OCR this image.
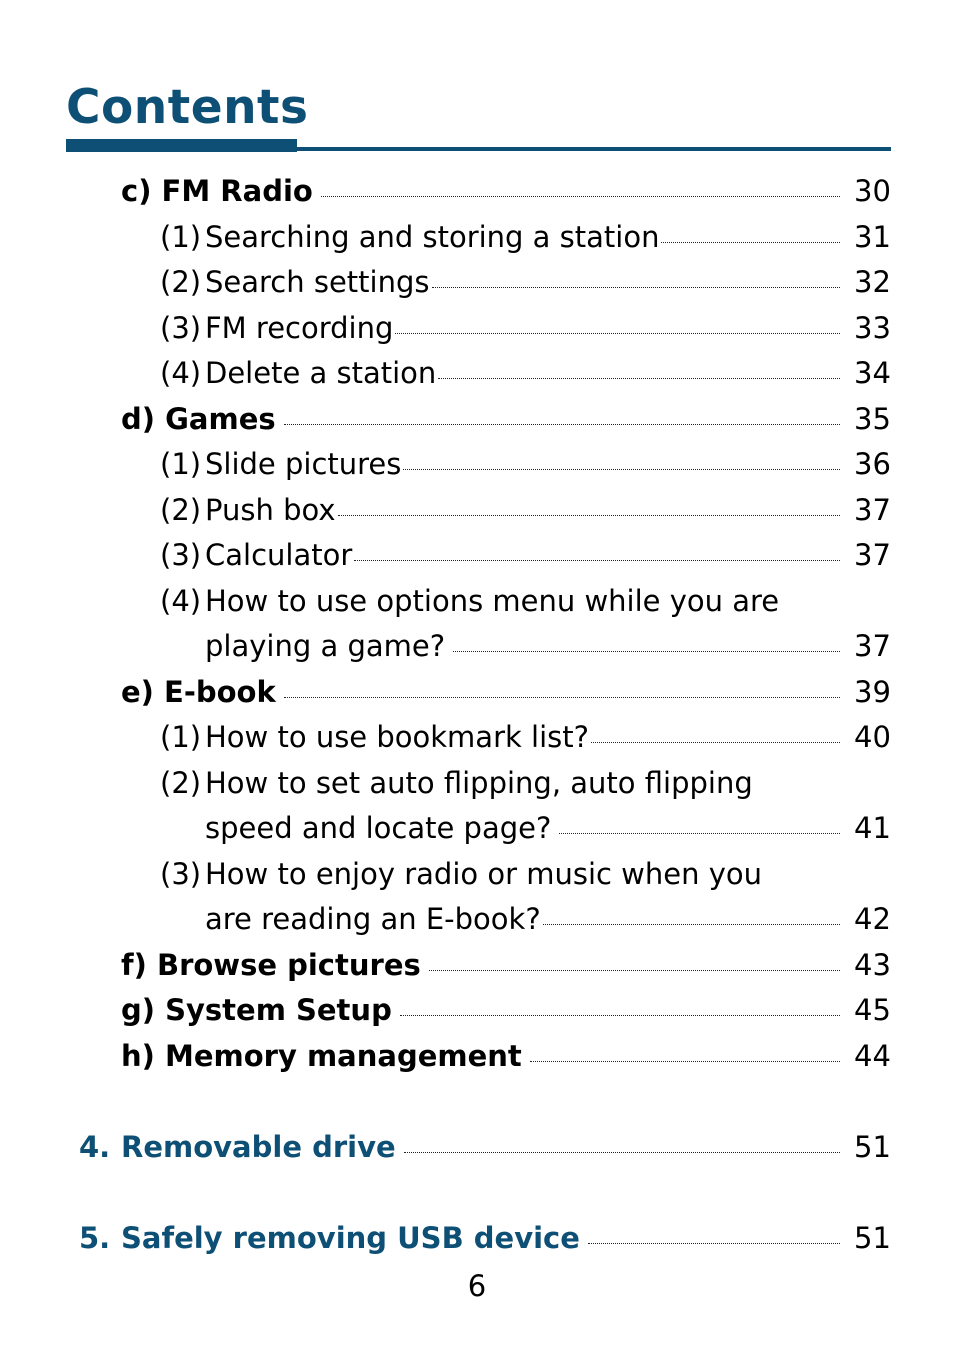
Contents
c) FM Radio	30
(1) Searching and storing a station	31
(2) Search settings	32
(3) FM recording	33
(4) Delete a station	34
d) Games	35
(1) Slide pictures	36
(2) Push box	37
(3) Calculator	37
(4) How to use options menu while you are
playing a game?	37
e) E-book	39
(1) How to use bookmark list?	40
(2) How to set auto flipping, auto flipping
speed and locate page?	41
(3) How to enjoy radio or music when you
are reading an E-book?	42
f) Browse pictures	43
g) System Setup	45
h) Memory management	44
4. Removable drive	51
5. Safely removing USB device	51
6
